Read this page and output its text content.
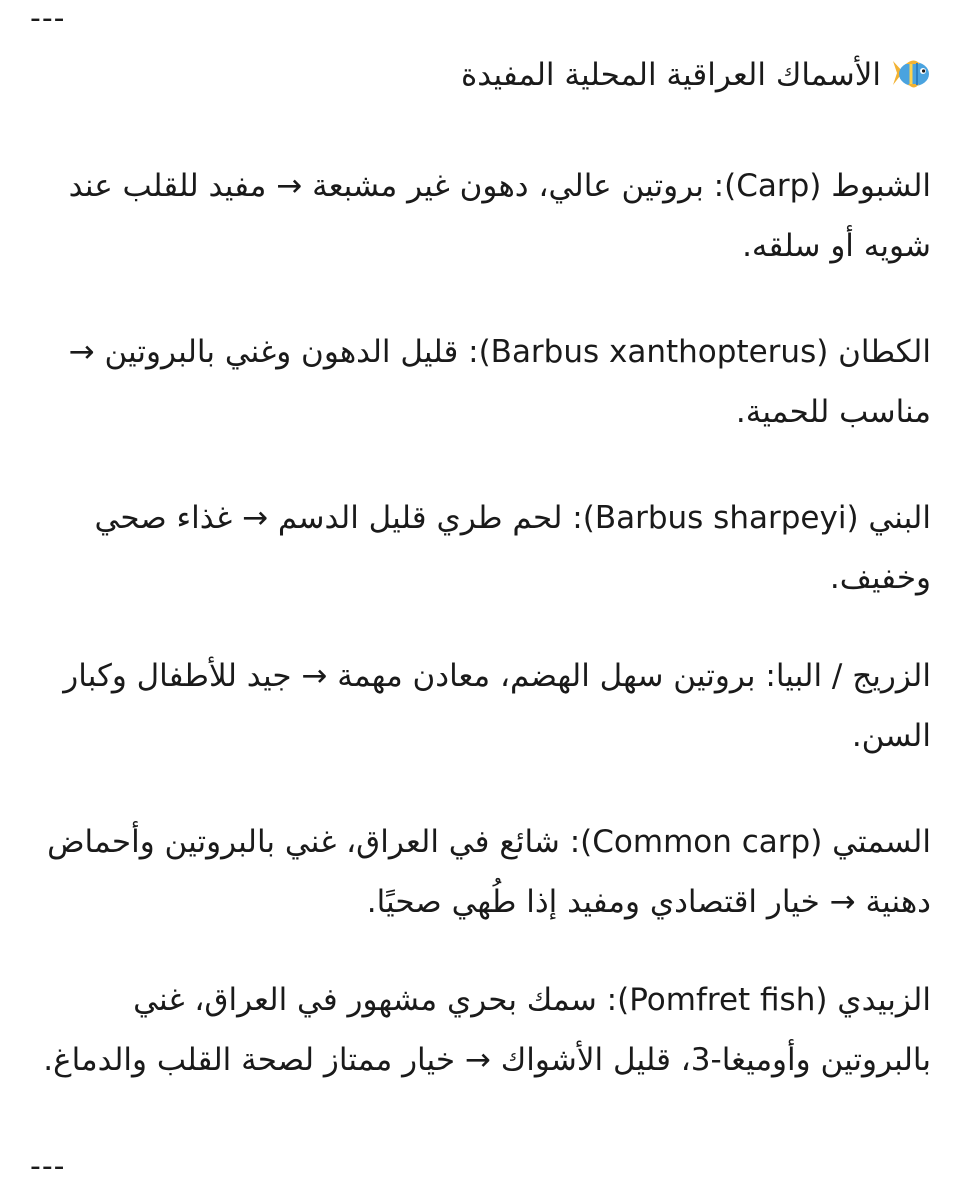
---
الأسماك العراقية المحلية المفيدة
الشبوط (Carp): بروتين عالي، دهون غير مشبعة → مفيد للقلب عند شويه أو سلقه.
الكطان (Barbus xanthopterus): قليل الدهون وغني بالبروتين → مناسب للحمية.
البني (Barbus sharpeyi): لحم طري قليل الدسم → غذاء صحي وخفيف.
الزريج / البيا: بروتين سهل الهضم، معادن مهمة → جيد للأطفال وكبار السن.
السمتي (Common carp): شائع في العراق، غني بالبروتين وأحماض دهنية → خيار اقتصادي ومفيد إذا طُهي صحيًا.
الزبيدي (Pomfret fish): سمك بحري مشهور في العراق، غني بالبروتين وأوميغا-3، قليل الأشواك → خيار ممتاز لصحة القلب والدماغ.
---
